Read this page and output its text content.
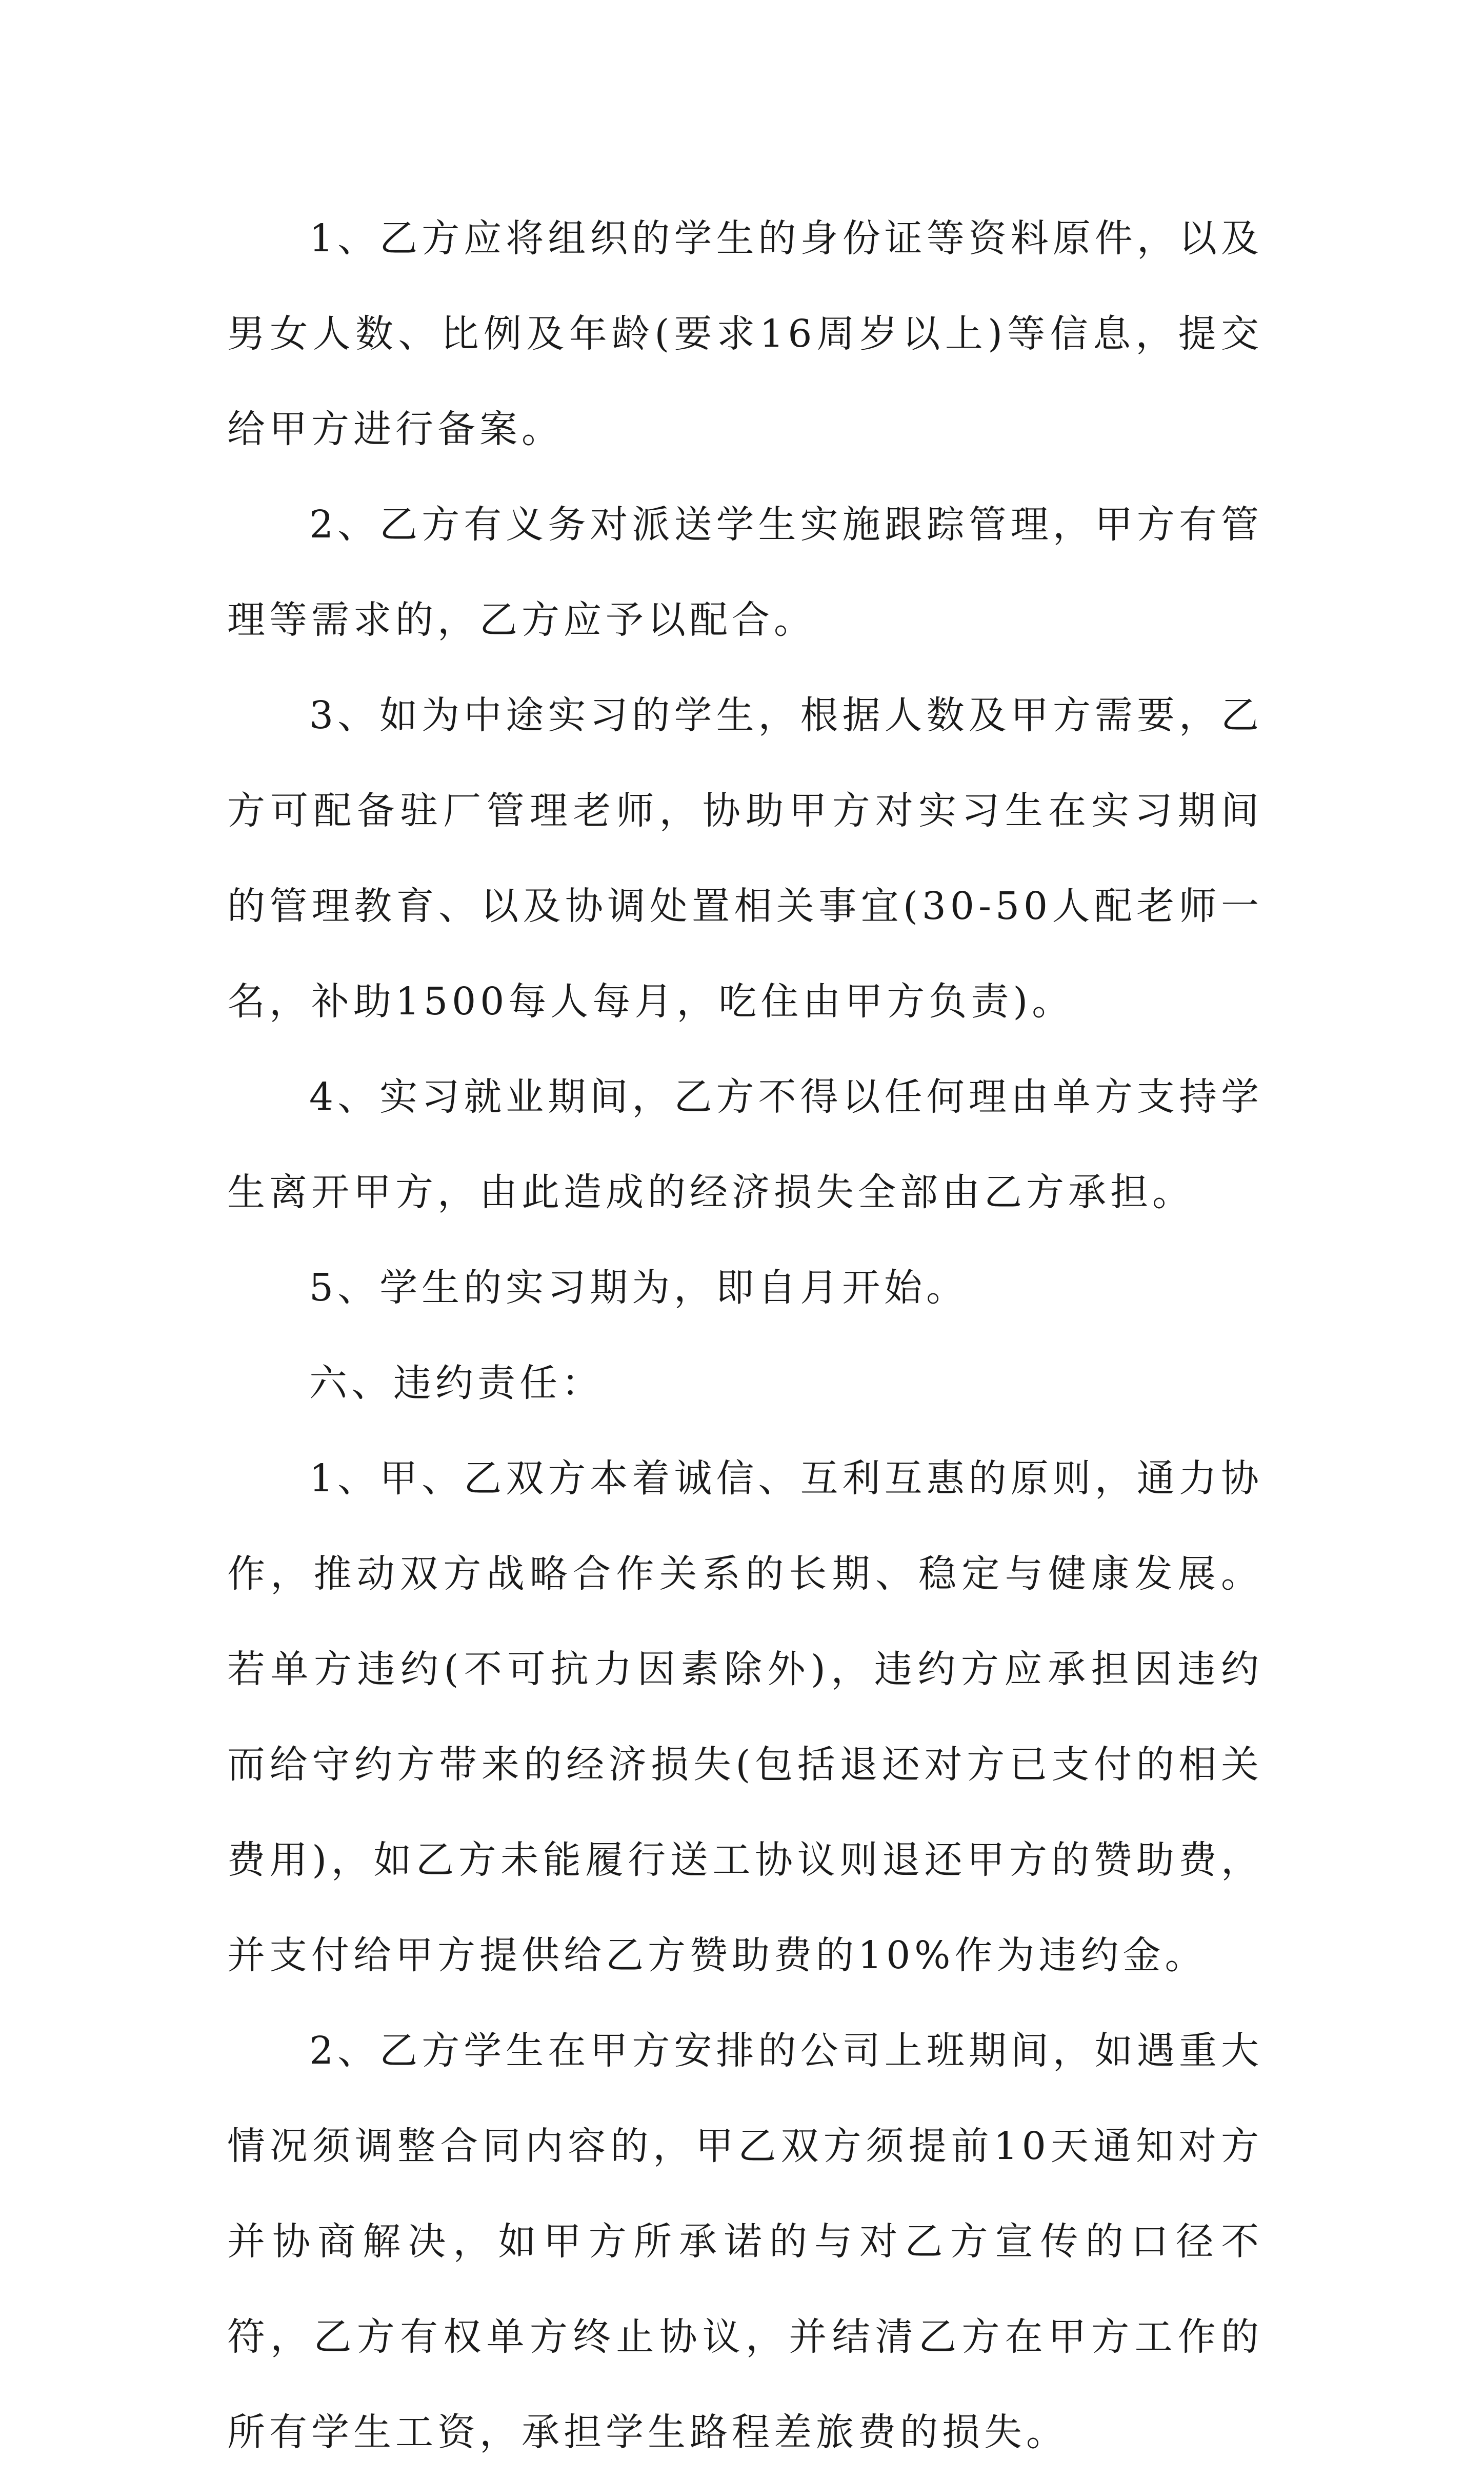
1、乙方应将组织的学生的身份证等资料原件，以及男女人数、比例及年龄(要求16周岁以上)等信息，提交给甲方进行备案。

2、乙方有义务对派送学生实施跟踪管理，甲方有管理等需求的，乙方应予以配合。

3、如为中途实习的学生，根据人数及甲方需要，乙方可配备驻厂管理老师，协助甲方对实习生在实习期间的管理教育、以及协调处置相关事宜(30-50人配老师一名，补助1500每人每月，吃住由甲方负责)。

4、实习就业期间，乙方不得以任何理由单方支持学生离开甲方，由此造成的经济损失全部由乙方承担。

5、学生的实习期为，即自月开始。

六、违约责任：

1、甲、乙双方本着诚信、互利互惠的原则，通力协作，推动双方战略合作关系的长期、稳定与健康发展。若单方违约(不可抗力因素除外)，违约方应承担因违约而给守约方带来的经济损失(包括退还对方已支付的相关费用)，如乙方未能履行送工协议则退还甲方的赞助费，并支付给甲方提供给乙方赞助费的10%作为违约金。

2、乙方学生在甲方安排的公司上班期间，如遇重大情况须调整合同内容的，甲乙双方须提前10天通知对方并协商解决，如甲方所承诺的与对乙方宣传的口径不符，乙方有权单方终止协议，并结清乙方在甲方工作的所有学生工资，承担学生路程差旅费的损失。
